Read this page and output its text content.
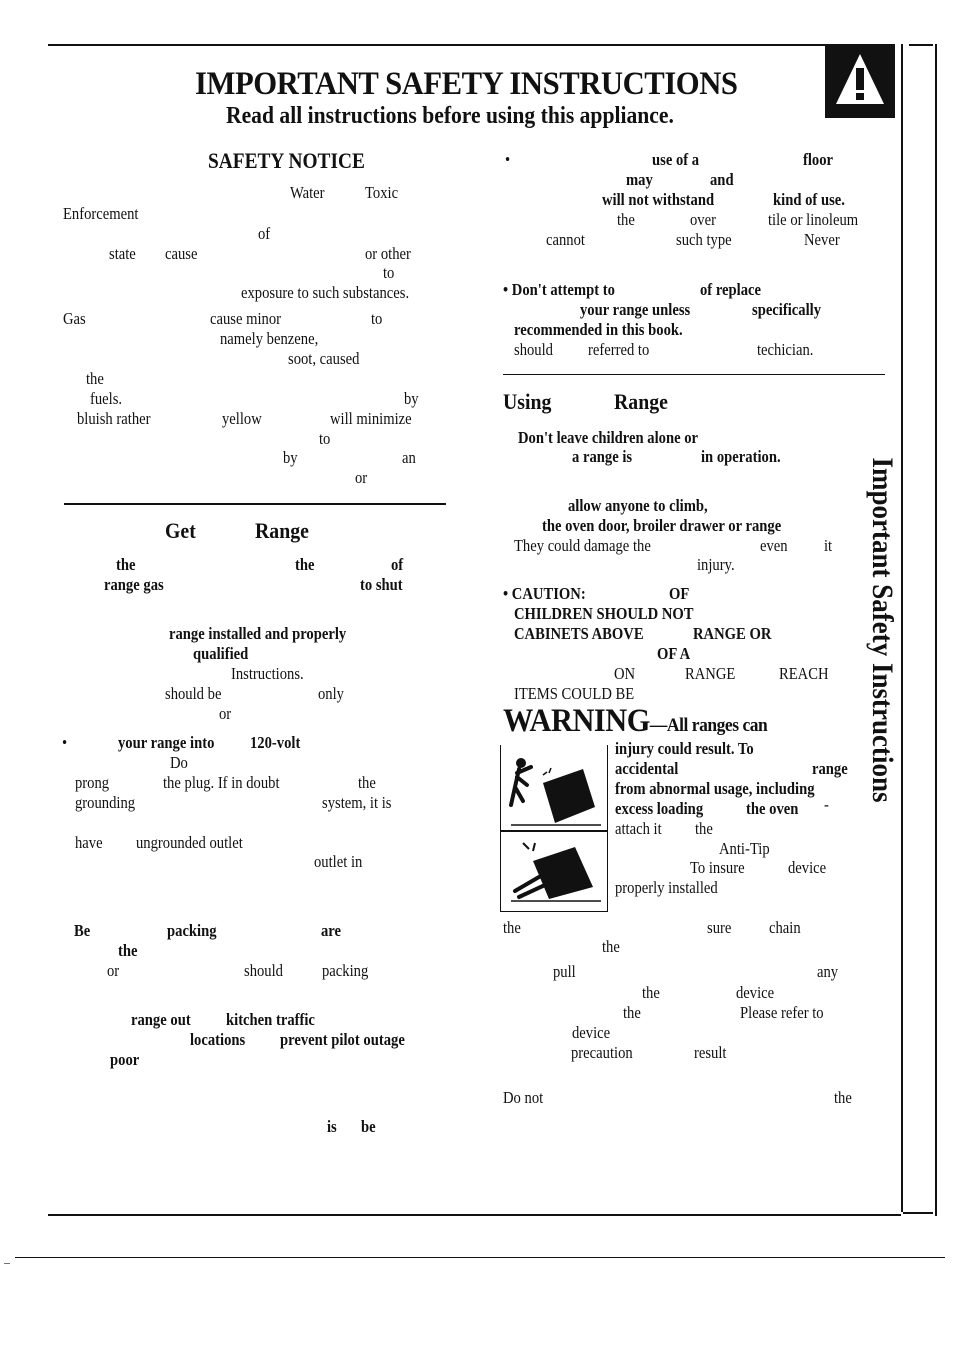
–
IMPORTANT SAFETY INSTRUCTIONS
Read all instructions before using this appliance.
Important Safety Instructions
SAFETY NOTICE
Water Toxic
Enforcement
of
state cause	or other
to
exposure to such substances.
Gas	cause minor	to
namely benzene,
soot, caused
the
fuels.	by
bluish rather	yellow	will minimize
to
by	an
or
Get	Range
the	the	of
range gas	to shut
range installed and properly
qualified
Instructions.
should be	only
or
•	your range into 120-volt
Do
prong	the plug. If in doubt	the
grounding	system, it is
have ungrounded outlet
outlet in
Be	packing	are
the
or	should packing
range out kitchen traffic
locations prevent pilot outage
poor
is be
•	use of a	floor
may	and
will not withstand	kind of use.
the	over	tile or linoleum
cannot	such type	Never
• Don't attempt to	of replace
your range unless	specifically
recommended in this book.
should referred to	techician.
Using	Range
Don't leave children alone or
a range is	in operation.
allow anyone to climb,
the oven door, broiler drawer or range
They could damage the	even it
injury.
• CAUTION:	OF
CHILDREN SHOULD NOT
CABINETS ABOVE	RANGE OR
OF A
ON	RANGE	REACH
ITEMS COULD BE
WARNING—All ranges can
injury could result. To
accidental	range
from abnormal usage, including
excess loading	the oven -
attach it the
Anti-Tip
To insure	device
properly installed
the	sure chain
the
pull	any
the	device
the	Please refer to
device
precaution	result
Do not	the
